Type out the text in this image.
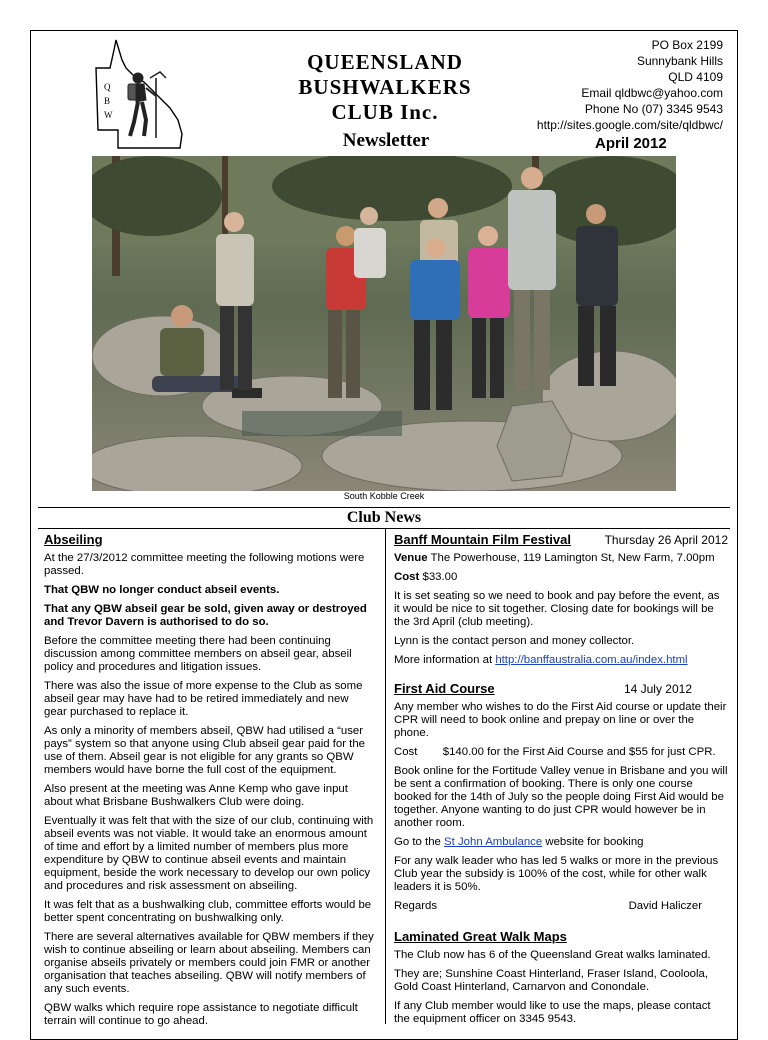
Q
B
W
QUEENSLAND
BUSHWALKERS
CLUB Inc.
Newsletter
PO Box 2199
Sunnybank Hills
QLD 4109
Email qldbwc@yahoo.com
Phone No (07) 3345 9543
http://sites.google.com/site/qldbwc/
April 2012
South Kobble Creek
Club News
Abseiling

At the 27/3/2012 committee meeting the following motions were passed.

That QBW no longer conduct abseil events.

That any QBW abseil gear be sold, given away or destroyed and Trevor Davern is authorised to do so.

Before the committee meeting there had been continuing discussion among committee members on abseil gear, abseil policy and procedures and litigation issues.

There was also the issue of more expense to the Club as some abseil gear may have had to be retired immediately and new gear purchased to replace it.

As only a minority of members abseil, QBW had utilised a “user pays” system so that anyone using Club abseil gear paid for the use of them. Abseil gear is not eligible for any grants so QBW members would have borne the full cost of the equipment.

Also present at the meeting was Anne Kemp who gave input about what Brisbane Bushwalkers Club were doing.

Eventually it was felt that with the size of our club, continuing with abseil events was not viable. It would take an enormous amount of time and effort by a limited number of members plus more expenditure by QBW to continue abseil events and maintain equipment, beside the work necessary to develop our own policy and procedures and risk assessment on abseiling.

It was felt that as a bushwalking club, committee efforts would be better spent concentrating on bushwalking only.

There are several alternatives available for QBW members if they wish to continue abseiling or learn about abseiling. Members can organise abseils privately or members could join FMR or another organisation that teaches abseiling. QBW will notify members of any such events.

QBW walks which require rope assistance to negotiate difficult terrain will continue to go ahead.

Banff Mountain Film Festival	Thursday 26 April 2012

Venue The Powerhouse, 119 Lamington St, New Farm, 7.00pm

Cost $33.00

It is set seating so we need to book and pay before the event, as it would be nice to sit together. Closing date for bookings will be the 3rd April (club meeting).

Lynn is the contact person and money collector.

More information at http://banffaustralia.com.au/index.html

First Aid Course	14 July 2012

Any member who wishes to do the First Aid course or update their CPR will need to book online and prepay on line or over the phone.

Cost $140.00 for the First Aid Course and $55 for just CPR.

Book online for the Fortitude Valley venue in Brisbane and you will be sent a confirmation of booking. There is only one course booked for the 14th of July so the people doing First Aid would be together. Anyone wanting to do just CPR would however be in another room.

Go to the St John Ambulance website for booking

For any walk leader who has led 5 walks or more in the previous Club year the subsidy is 100% of the cost, while for other walk leaders it is 50%.

Regards	David Haliczer

Laminated Great Walk Maps

The Club now has 6 of the Queensland Great walks laminated.

They are; Sunshine Coast Hinterland, Fraser Island, Cooloola, Gold Coast Hinterland, Carnarvon and Conondale.

If any Club member would like to use the maps, please contact the equipment officer on 3345 9543.
